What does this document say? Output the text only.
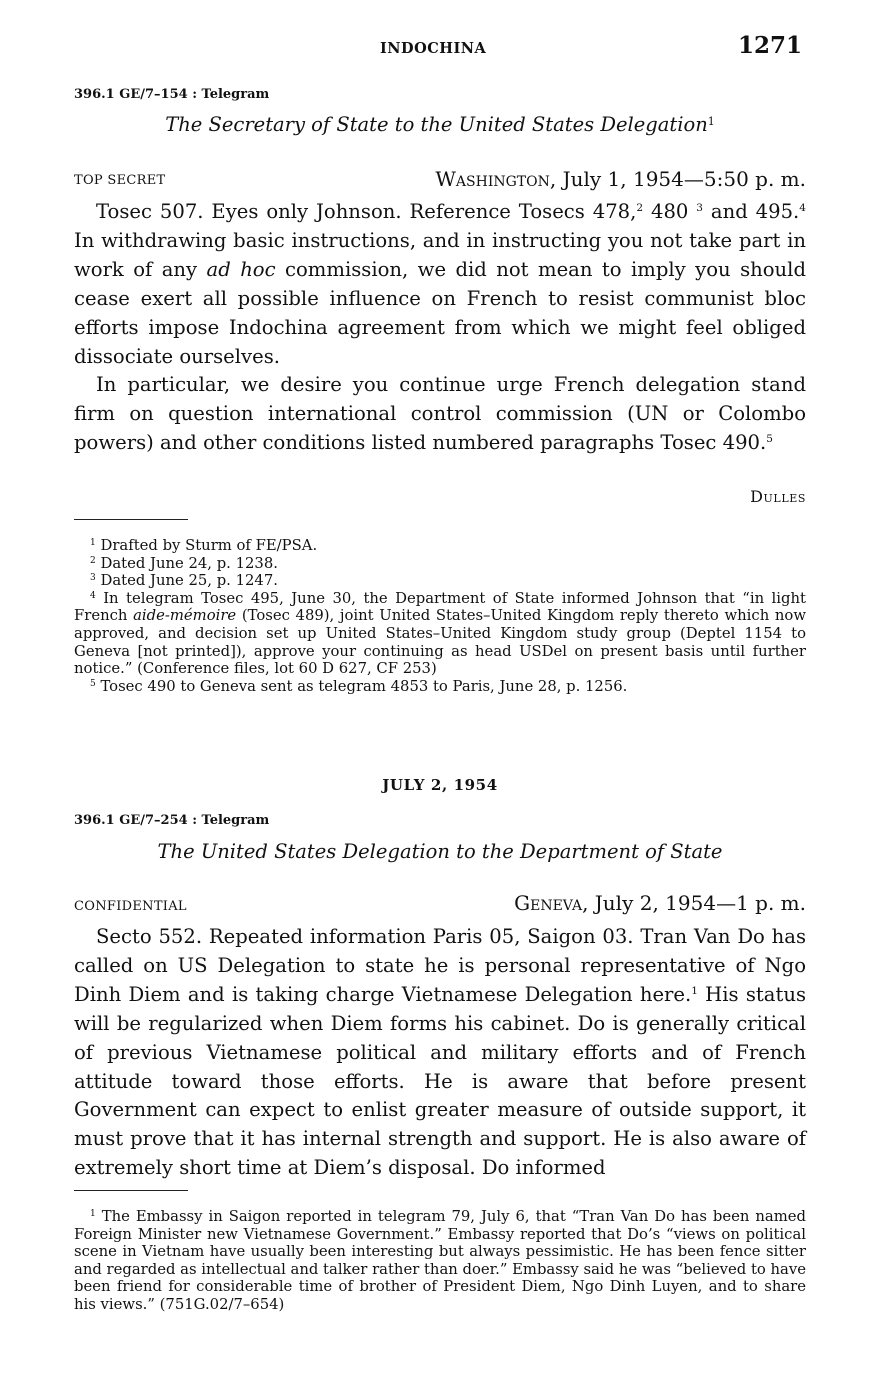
INDOCHINA	1271
396.1 GE/7–154 : Telegram
The Secretary of State to the United States Delegation$^1$
TOP SECRET	Washington, July 1, 1954—5:50 p. m.

Tosec 507. Eyes only Johnson. Reference Tosecs 478,$^2$ 480 $^3$ and 495.$^4$ In withdrawing basic instructions, and in instructing you not take part in work of any ad hoc commission, we did not mean to imply you should cease exert all possible influence on French to resist communist bloc efforts impose Indochina agreement from which we might feel obliged dissociate ourselves.

In particular, we desire you continue urge French delegation stand firm on question international control commission (UN or Colombo powers) and other conditions listed numbered paragraphs Tosec 490.$^5$

Dulles

$^1$ Drafted by Sturm of FE/PSA.

$^2$ Dated June 24, p. 1238.

$^3$ Dated June 25, p. 1247.

$^4$ In telegram Tosec 495, June 30, the Department of State informed Johnson that “in light French aide-mémoire (Tosec 489), joint United States–United Kingdom reply thereto which now approved, and decision set up United States–United Kingdom study group (Deptel 1154 to Geneva [not printed]), approve your continuing as head USDel on present basis until further notice.” (Conference files, lot 60 D 627, CF 253)

$^5$ Tosec 490 to Geneva sent as telegram 4853 to Paris, June 28, p. 1256.

JULY 2, 1954
396.1 GE/7–254 : Telegram
The United States Delegation to the Department of State
CONFIDENTIAL	Geneva, July 2, 1954—1 p. m.

Secto 552. Repeated information Paris 05, Saigon 03. Tran Van Do has called on US Delegation to state he is personal representative of Ngo Dinh Diem and is taking charge Vietnamese Delegation here.$^1$ His status will be regularized when Diem forms his cabinet. Do is generally critical of previous Vietnamese political and military efforts and of French attitude toward those efforts. He is aware that before present Government can expect to enlist greater measure of outside support, it must prove that it has internal strength and support. He is also aware of extremely short time at Diem’s disposal. Do informed

$^1$ The Embassy in Saigon reported in telegram 79, July 6, that “Tran Van Do has been named Foreign Minister new Vietnamese Government.” Embassy reported that Do’s “views on political scene in Vietnam have usually been interesting but always pessimistic. He has been fence sitter and regarded as intellectual and talker rather than doer.” Embassy said he was “believed to have been friend for considerable time of brother of President Diem, Ngo Dinh Luyen, and to share his views.” (751G.02/7–654)
